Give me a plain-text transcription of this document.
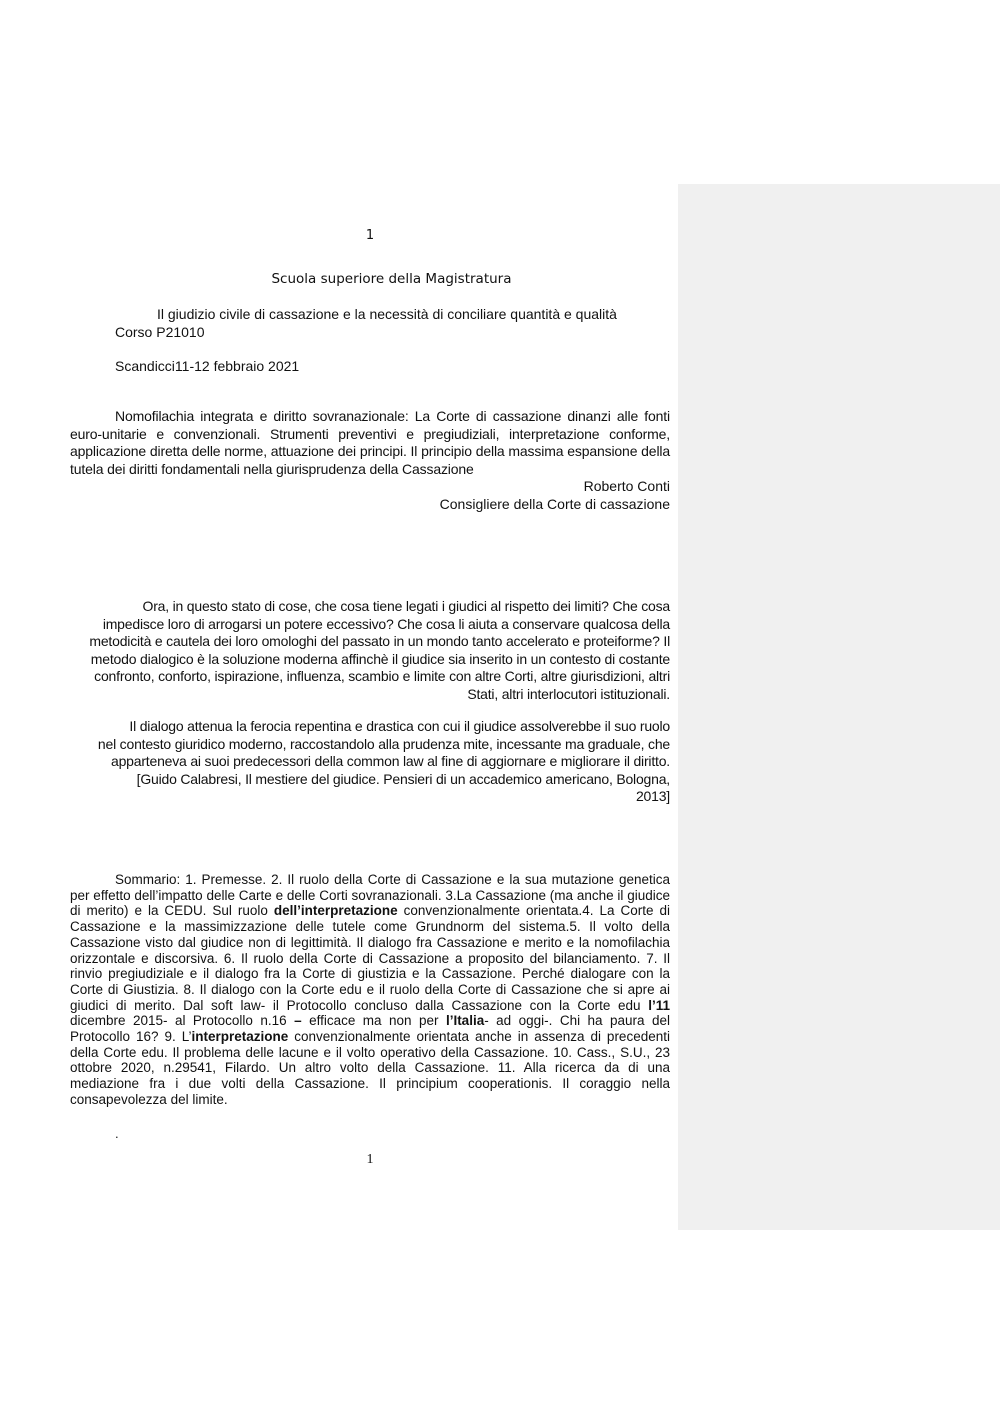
1
Scuola superiore della Magistratura
Il giudizio civile di cassazione e la necessità di conciliare quantità e qualità
Corso P21010
Scandicci11-12 febbraio 2021
Nomofilachia integrata e diritto sovranazionale: La Corte di cassazione dinanzi alle fonti euro-unitarie e convenzionali. Strumenti preventivi e pregiudiziali, interpretazione conforme, applicazione diretta delle norme, attuazione dei principi. Il principio della massima espansione della tutela dei diritti fondamentali nella giurisprudenza della Cassazione
Roberto Conti
Consigliere della Corte di cassazione
Ora, in questo stato di cose, che cosa tiene legati i giudici al rispetto dei limiti? Che cosa
impedisce loro di arrogarsi un potere eccessivo? Che cosa li aiuta a conservare qualcosa della
metodicità e cautela dei loro omologhi del passato in un mondo tanto accelerato e proteiforme? Il
metodo dialogico è la soluzione moderna affinchè il giudice sia inserito in un contesto di costante
confronto, conforto, ispirazione, influenza, scambio e limite con altre Corti, altre giurisdizioni, altri
Stati, altri interlocutori istituzionali.
Il dialogo attenua la ferocia repentina e drastica con cui il giudice assolverebbe il suo ruolo
nel contesto giuridico moderno, raccostandolo alla prudenza mite, incessante ma graduale, che
apparteneva ai suoi predecessori della common law al fine di aggiornare e migliorare il diritto.
[Guido Calabresi, Il mestiere del giudice. Pensieri di un accademico americano, Bologna,
2013]
Sommario: 1. Premesse. 2. Il ruolo della Corte di Cassazione e la sua mutazione genetica per effetto dell’impatto delle Carte e delle Corti sovranazionali. 3.La Cassazione (ma anche il giudice di merito) e la CEDU. Sul ruolo dell’interpretazione convenzionalmente orientata.4. La Corte di Cassazione e la massimizzazione delle tutele come Grundnorm del sistema.5. Il volto della Cassazione visto dal giudice non di legittimità. Il dialogo fra Cassazione e merito e la nomofilachia orizzontale e discorsiva. 6. Il ruolo della Corte di Cassazione a proposito del bilanciamento. 7. Il rinvio pregiudiziale e il dialogo fra la Corte di giustizia e la Cassazione. Perché dialogare con la Corte di Giustizia. 8. Il dialogo con la Corte edu e il ruolo della Corte di Cassazione che si apre ai giudici di merito. Dal soft law- il Protocollo concluso dalla Cassazione con la Corte edu l’11 dicembre 2015- al Protocollo n.16 – efficace ma non per l’Italia- ad oggi-. Chi ha paura del Protocollo 16? 9. L’interpretazione convenzionalmente orientata anche in assenza di precedenti della Corte edu. Il problema delle lacune e il volto operativo della Cassazione. 10. Cass., S.U., 23 ottobre 2020, n.29541, Filardo. Un altro volto della Cassazione. 11. Alla ricerca da di una mediazione fra i due volti della Cassazione. Il principium cooperationis. Il coraggio nella consapevolezza del limite.
.
1
